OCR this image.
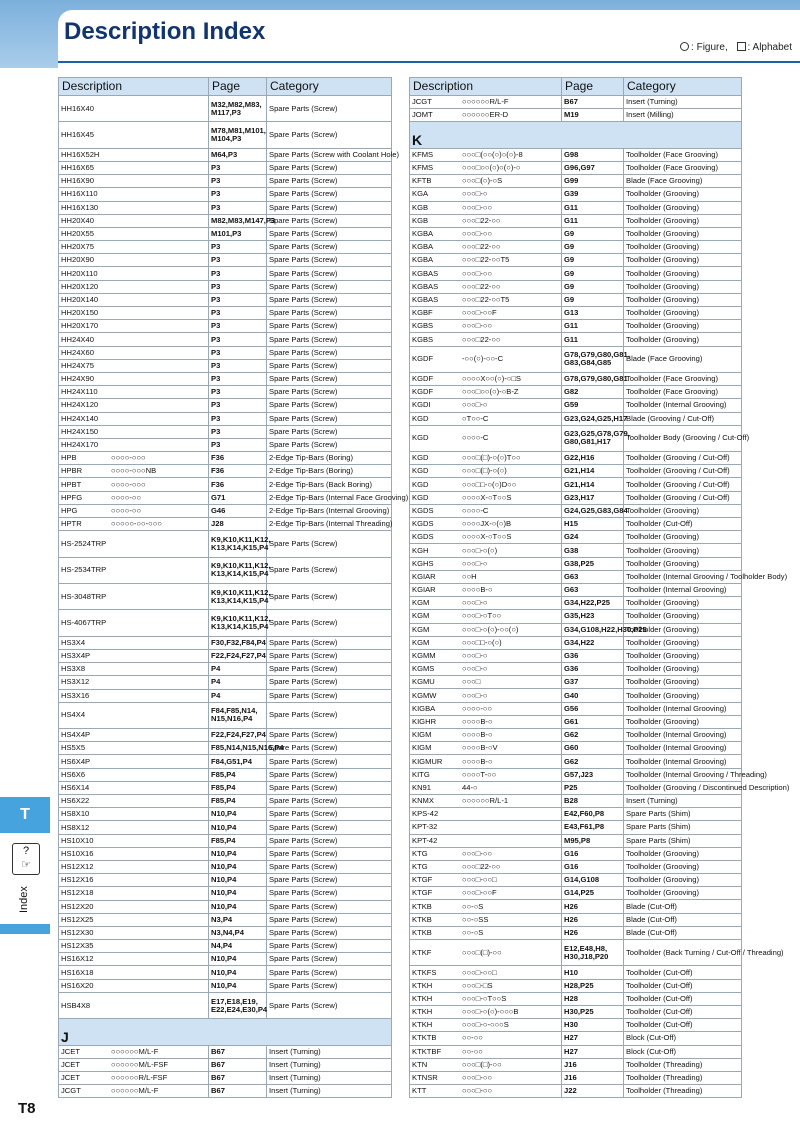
Description Index
: Figure, : Alphabet
Description	Page	Category
HH16X40	M32,M82,M83,
M117,P3	Spare Parts (Screw)
HH16X45	M78,M81,M101,
M104,P3	Spare Parts (Screw)
HH16X52H	M64,P3	Spare Parts (Screw with Coolant Hole)
HH16X65	P3	Spare Parts (Screw)
HH16X90	P3	Spare Parts (Screw)
HH16X110	P3	Spare Parts (Screw)
HH16X130	P3	Spare Parts (Screw)
HH20X40	M82,M83,M147,P3	Spare Parts (Screw)
HH20X55	M101,P3	Spare Parts (Screw)
HH20X75	P3	Spare Parts (Screw)
HH20X90	P3	Spare Parts (Screw)
HH20X110	P3	Spare Parts (Screw)
HH20X120	P3	Spare Parts (Screw)
HH20X140	P3	Spare Parts (Screw)
HH20X150	P3	Spare Parts (Screw)
HH20X170	P3	Spare Parts (Screw)
HH24X40	P3	Spare Parts (Screw)
HH24X60	P3	Spare Parts (Screw)
HH24X75	P3	Spare Parts (Screw)
HH24X90	P3	Spare Parts (Screw)
HH24X110	P3	Spare Parts (Screw)
HH24X120	P3	Spare Parts (Screw)
HH24X140	P3	Spare Parts (Screw)
HH24X150	P3	Spare Parts (Screw)
HH24X170	P3	Spare Parts (Screw)
HPB ○○○○-○○○	F36	2-Edge Tip-Bars (Boring)
HPBR ○○○○-○○○NB	F36	2-Edge Tip-Bars (Boring)
HPBT ○○○○-○○○	F36	2-Edge Tip-Bars (Back Boring)
HPFG ○○○○-○○	G71	2-Edge Tip-Bars (Internal Face Grooving)
HPG ○○○○-○○	G46	2-Edge Tip-Bars (Internal Grooving)
HPTR ○○○○○-○○-○○○	J28	2-Edge Tip-Bars (Internal Threading)
HS-2524TRP	K9,K10,K11,K12,
K13,K14,K15,P4	Spare Parts (Screw)
HS-2534TRP	K9,K10,K11,K12,
K13,K14,K15,P4	Spare Parts (Screw)
HS-3048TRP	K9,K10,K11,K12,
K13,K14,K15,P4	Spare Parts (Screw)
HS-4067TRP	K9,K10,K11,K12,
K13,K14,K15,P4	Spare Parts (Screw)
HS3X4	F30,F32,F84,P4	Spare Parts (Screw)
HS3X4P	F22,F24,F27,P4	Spare Parts (Screw)
HS3X8	P4	Spare Parts (Screw)
HS3X12	P4	Spare Parts (Screw)
HS3X16	P4	Spare Parts (Screw)
HS4X4	F84,F85,N14,
N15,N16,P4	Spare Parts (Screw)
HS4X4P	F22,F24,F27,P4	Spare Parts (Screw)
HS5X5	F85,N14,N15,N16,P4	Spare Parts (Screw)
HS6X4P	F84,G51,P4	Spare Parts (Screw)
HS6X6	F85,P4	Spare Parts (Screw)
HS6X14	F85,P4	Spare Parts (Screw)
HS6X22	F85,P4	Spare Parts (Screw)
HS8X10	N10,P4	Spare Parts (Screw)
HS8X12	N10,P4	Spare Parts (Screw)
HS10X10	F85,P4	Spare Parts (Screw)
HS10X16	N10,P4	Spare Parts (Screw)
HS12X12	N10,P4	Spare Parts (Screw)
HS12X16	N10,P4	Spare Parts (Screw)
HS12X18	N10,P4	Spare Parts (Screw)
HS12X20	N10,P4	Spare Parts (Screw)
HS12X25	N3,P4	Spare Parts (Screw)
HS12X30	N3,N4,P4	Spare Parts (Screw)
HS12X35	N4,P4	Spare Parts (Screw)
HS16X12	N10,P4	Spare Parts (Screw)
HS16X18	N10,P4	Spare Parts (Screw)
HS16X20	N10,P4	Spare Parts (Screw)
HSB4X8	E17,E18,E19,
E22,E24,E30,P4	Spare Parts (Screw)
J		
JCET ○○○○○○M/L-F	B67	Insert (Turning)
JCET ○○○○○○M/L-FSF	B67	Insert (Turning)
JCET ○○○○○○R/L-FSF	B67	Insert (Turning)
JCGT ○○○○○○M/L-F	B67	Insert (Turning)
Description	Page	Category
JCGT ○○○○○○R/L-F	B67	Insert (Turning)
JOMT ○○○○○○ER-D	M19	Insert (Milling)
K		
KFMS ○○○□(○○(○)○(○)-8	G98	Toolholder (Face Grooving)
KFMS ○○○□○○(○)○(○)-○	G96,G97	Toolholder (Face Grooving)
KFTB ○○○□(○)-○S	G99	Blade (Face Grooving)
KGA ○○○□-○	G39	Toolholder (Grooving)
KGB ○○○□-○○	G11	Toolholder (Grooving)
KGB ○○○□22-○○	G11	Toolholder (Grooving)
KGBA ○○○□-○○	G9	Toolholder (Grooving)
KGBA ○○○□22-○○	G9	Toolholder (Grooving)
KGBA ○○○□22-○○T5	G9	Toolholder (Grooving)
KGBAS ○○○□-○○	G9	Toolholder (Grooving)
KGBAS ○○○□22-○○	G9	Toolholder (Grooving)
KGBAS ○○○□22-○○T5	G9	Toolholder (Grooving)
KGBF ○○○□-○○F	G13	Toolholder (Grooving)
KGBS ○○○□-○○	G11	Toolholder (Grooving)
KGBS ○○○□22-○○	G11	Toolholder (Grooving)
KGDF -○○(○)-○○-C	G78,G79,G80,G81,
G83,G84,G85	Blade (Face Grooving)
KGDF ○○○○X○○(○)-○□S	G78,G79,G80,G81	Toolholder (Face Grooving)
KGDF ○○○□○○(○)-○B-Z	G82	Toolholder (Face Grooving)
KGDI ○○○□-○	G59	Toolholder (Internal Grooving)
KGD ○T○○-C	G23,G24,G25,H17	Blade (Grooving / Cut-Off)
KGD ○○○○-C	G23,G25,G78,G79,
G80,G81,H17	Toolholder Body (Grooving / Cut-Off)
KGD ○○○□(□)-○(○)T○○	G22,H16	Toolholder (Grooving / Cut-Off)
KGD ○○○□(□)-○(○)	G21,H14	Toolholder (Grooving / Cut-Off)
KGD ○○○□□-○(○)D○○	G21,H14	Toolholder (Grooving / Cut-Off)
KGD ○○○○X-○T○○S	G23,H17	Toolholder (Grooving / Cut-Off)
KGDS ○○○○-C	G24,G25,G83,G84	Toolholder (Grooving)
KGDS ○○○○JX-○(○)B	H15	Toolholder (Cut-Off)
KGDS ○○○○X-○T○○S	G24	Toolholder (Grooving)
KGH ○○○□-○(○)	G38	Toolholder (Grooving)
KGHS ○○○□-○	G38,P25	Toolholder (Grooving)
KGIAR ○○H	G63	Toolholder (Internal Grooving / Toolholder Body)
KGIAR ○○○○B-○	G63	Toolholder (Internal Grooving)
KGM ○○○□-○	G34,H22,P25	Toolholder (Grooving)
KGM ○○○□-○T○○	G35,H23	Toolholder (Grooving)
KGM ○○○□-○(○)-○○(○)	G34,G108,H22,H30,P25	Toolholder (Grooving)
KGM ○○○□□-○(○)	G34,H22	Toolholder (Grooving)
KGMM ○○○□-○	G36	Toolholder (Grooving)
KGMS ○○○□-○	G36	Toolholder (Grooving)
KGMU ○○○□	G37	Toolholder (Grooving)
KGMW ○○○□-○	G40	Toolholder (Grooving)
KIGBA ○○○○-○○	G56	Toolholder (Internal Grooving)
KIGHR ○○○○B-○	G61	Toolholder (Grooving)
KIGM ○○○○B-○	G62	Toolholder (Internal Grooving)
KIGM ○○○○B-○V	G60	Toolholder (Internal Grooving)
KIGMUR ○○○○B-○	G62	Toolholder (Internal Grooving)
KITG ○○○○T-○○	G57,J23	Toolholder (Internal Grooving / Threading)
KN91 44-○	P25	Toolholder (Grooving / Discontinued Description)
KNMX ○○○○○○R/L-1	B28	Insert (Turning)
KPS-42	E42,F60,P8	Spare Parts (Shim)
KPT-32	E43,F61,P8	Spare Parts (Shim)
KPT-42	M95,P8	Spare Parts (Shim)
KTG ○○○□-○○	G16	Toolholder (Grooving)
KTG ○○○□22-○○	G16	Toolholder (Grooving)
KTGF ○○○□-○○□	G14,G108	Toolholder (Grooving)
KTGF ○○○□-○○F	G14,P25	Toolholder (Grooving)
KTKB ○○-○S	H26	Blade (Cut-Off)
KTKB ○○-○SS	H26	Blade (Cut-Off)
KTKB ○○-○S	H26	Blade (Cut-Off)
KTKF ○○○□(□)-○○	E12,E48,H8,
H30,J18,P20	Toolholder (Back Turning / Cut-Off / Threading)
KTKFS ○○○□-○○□	H10	Toolholder (Cut-Off)
KTKH ○○○□-□S	H28,P25	Toolholder (Cut-Off)
KTKH ○○○□-○T○○S	H28	Toolholder (Cut-Off)
KTKH ○○○□-○(○)-○○○B	H30,P25	Toolholder (Cut-Off)
KTKH ○○○□-○-○○○S	H30	Toolholder (Cut-Off)
KTKTB ○○-○○	H27	Block (Cut-Off)
KTKTBF ○○-○○	H27	Block (Cut-Off)
KTN ○○○□(□)-○○	J16	Toolholder (Threading)
KTNSR ○○○□-○○	J16	Toolholder (Threading)
KTT ○○○□-○○	J22	Toolholder (Threading)
T
?
☞
Index
T8
